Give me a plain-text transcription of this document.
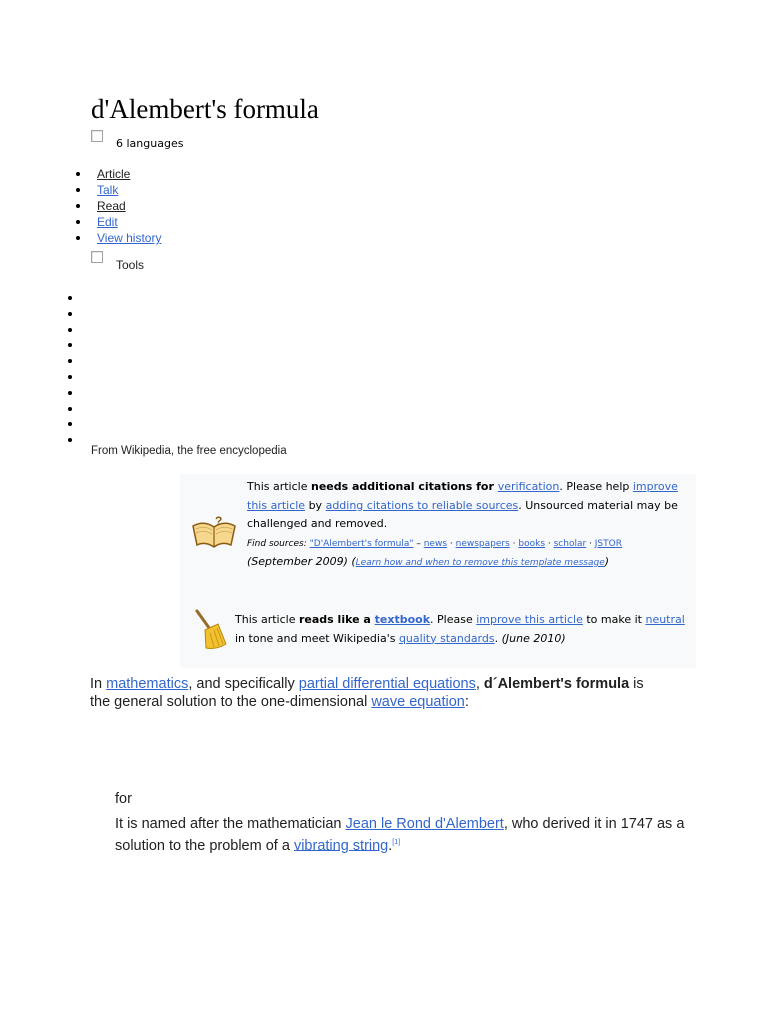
d'Alembert's formula
6 languages
Article
Talk
Read
Edit
View history
Tools
From Wikipedia, the free encyclopedia
?
This article needs additional citations for verification. Please help improve this article by adding citations to reliable sources. Unsourced material may be challenged and removed.
Find sources: "D'Alembert's formula" – news · newspapers · books · scholar · JSTOR (September 2009) (Learn how and when to remove this template message)
This article reads like a textbook. Please improve this article to make it neutral in tone and meet Wikipedia's quality standards. (June 2010)
In mathematics, and specifically partial differential equations, d´Alembert's formula is the general solution to the one-dimensional wave equation:
for
It is named after the mathematician Jean le Rond d'Alembert, who derived it in 1747 as a solution to the problem of a vibrating string.[1]
